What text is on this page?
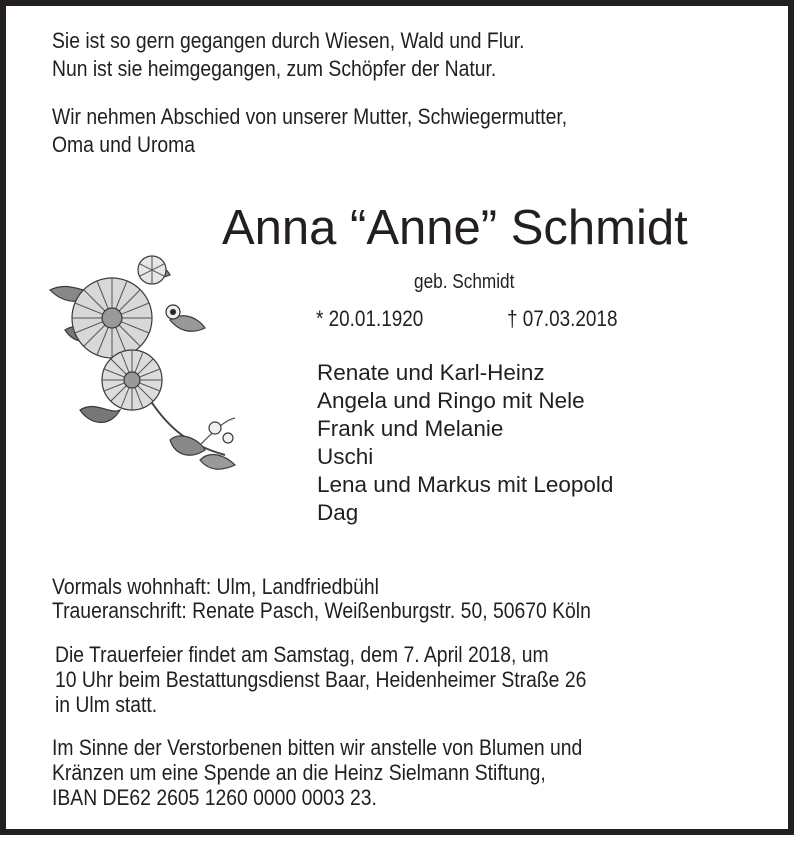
Sie ist so gern gegangen durch Wiesen, Wald und Flur.
Nun ist sie heimgegangen, zum Schöpfer der Natur.
Wir nehmen Abschied von unserer Mutter, Schwiegermutter,
Oma und Uroma
Anna “Anne” Schmidt
geb. Schmidt
* 20.01.1920	† 07.03.2018
Renate und Karl-Heinz
Angela und Ringo mit Nele
Frank und Melanie
Uschi
Lena und Markus mit Leopold
Dag
Vormals wohnhaft: Ulm, Landfriedbühl
Traueranschrift: Renate Pasch, Weißenburgstr. 50, 50670 Köln
Die Trauerfeier findet am Samstag, dem 7. April 2018, um
10 Uhr beim Bestattungsdienst Baar, Heidenheimer Straße 26
in Ulm statt.
Im Sinne der Verstorbenen bitten wir anstelle von Blumen und
Kränzen um eine Spende an die Heinz Sielmann Stiftung,
IBAN DE62 2605 1260 0000 0003 23.
